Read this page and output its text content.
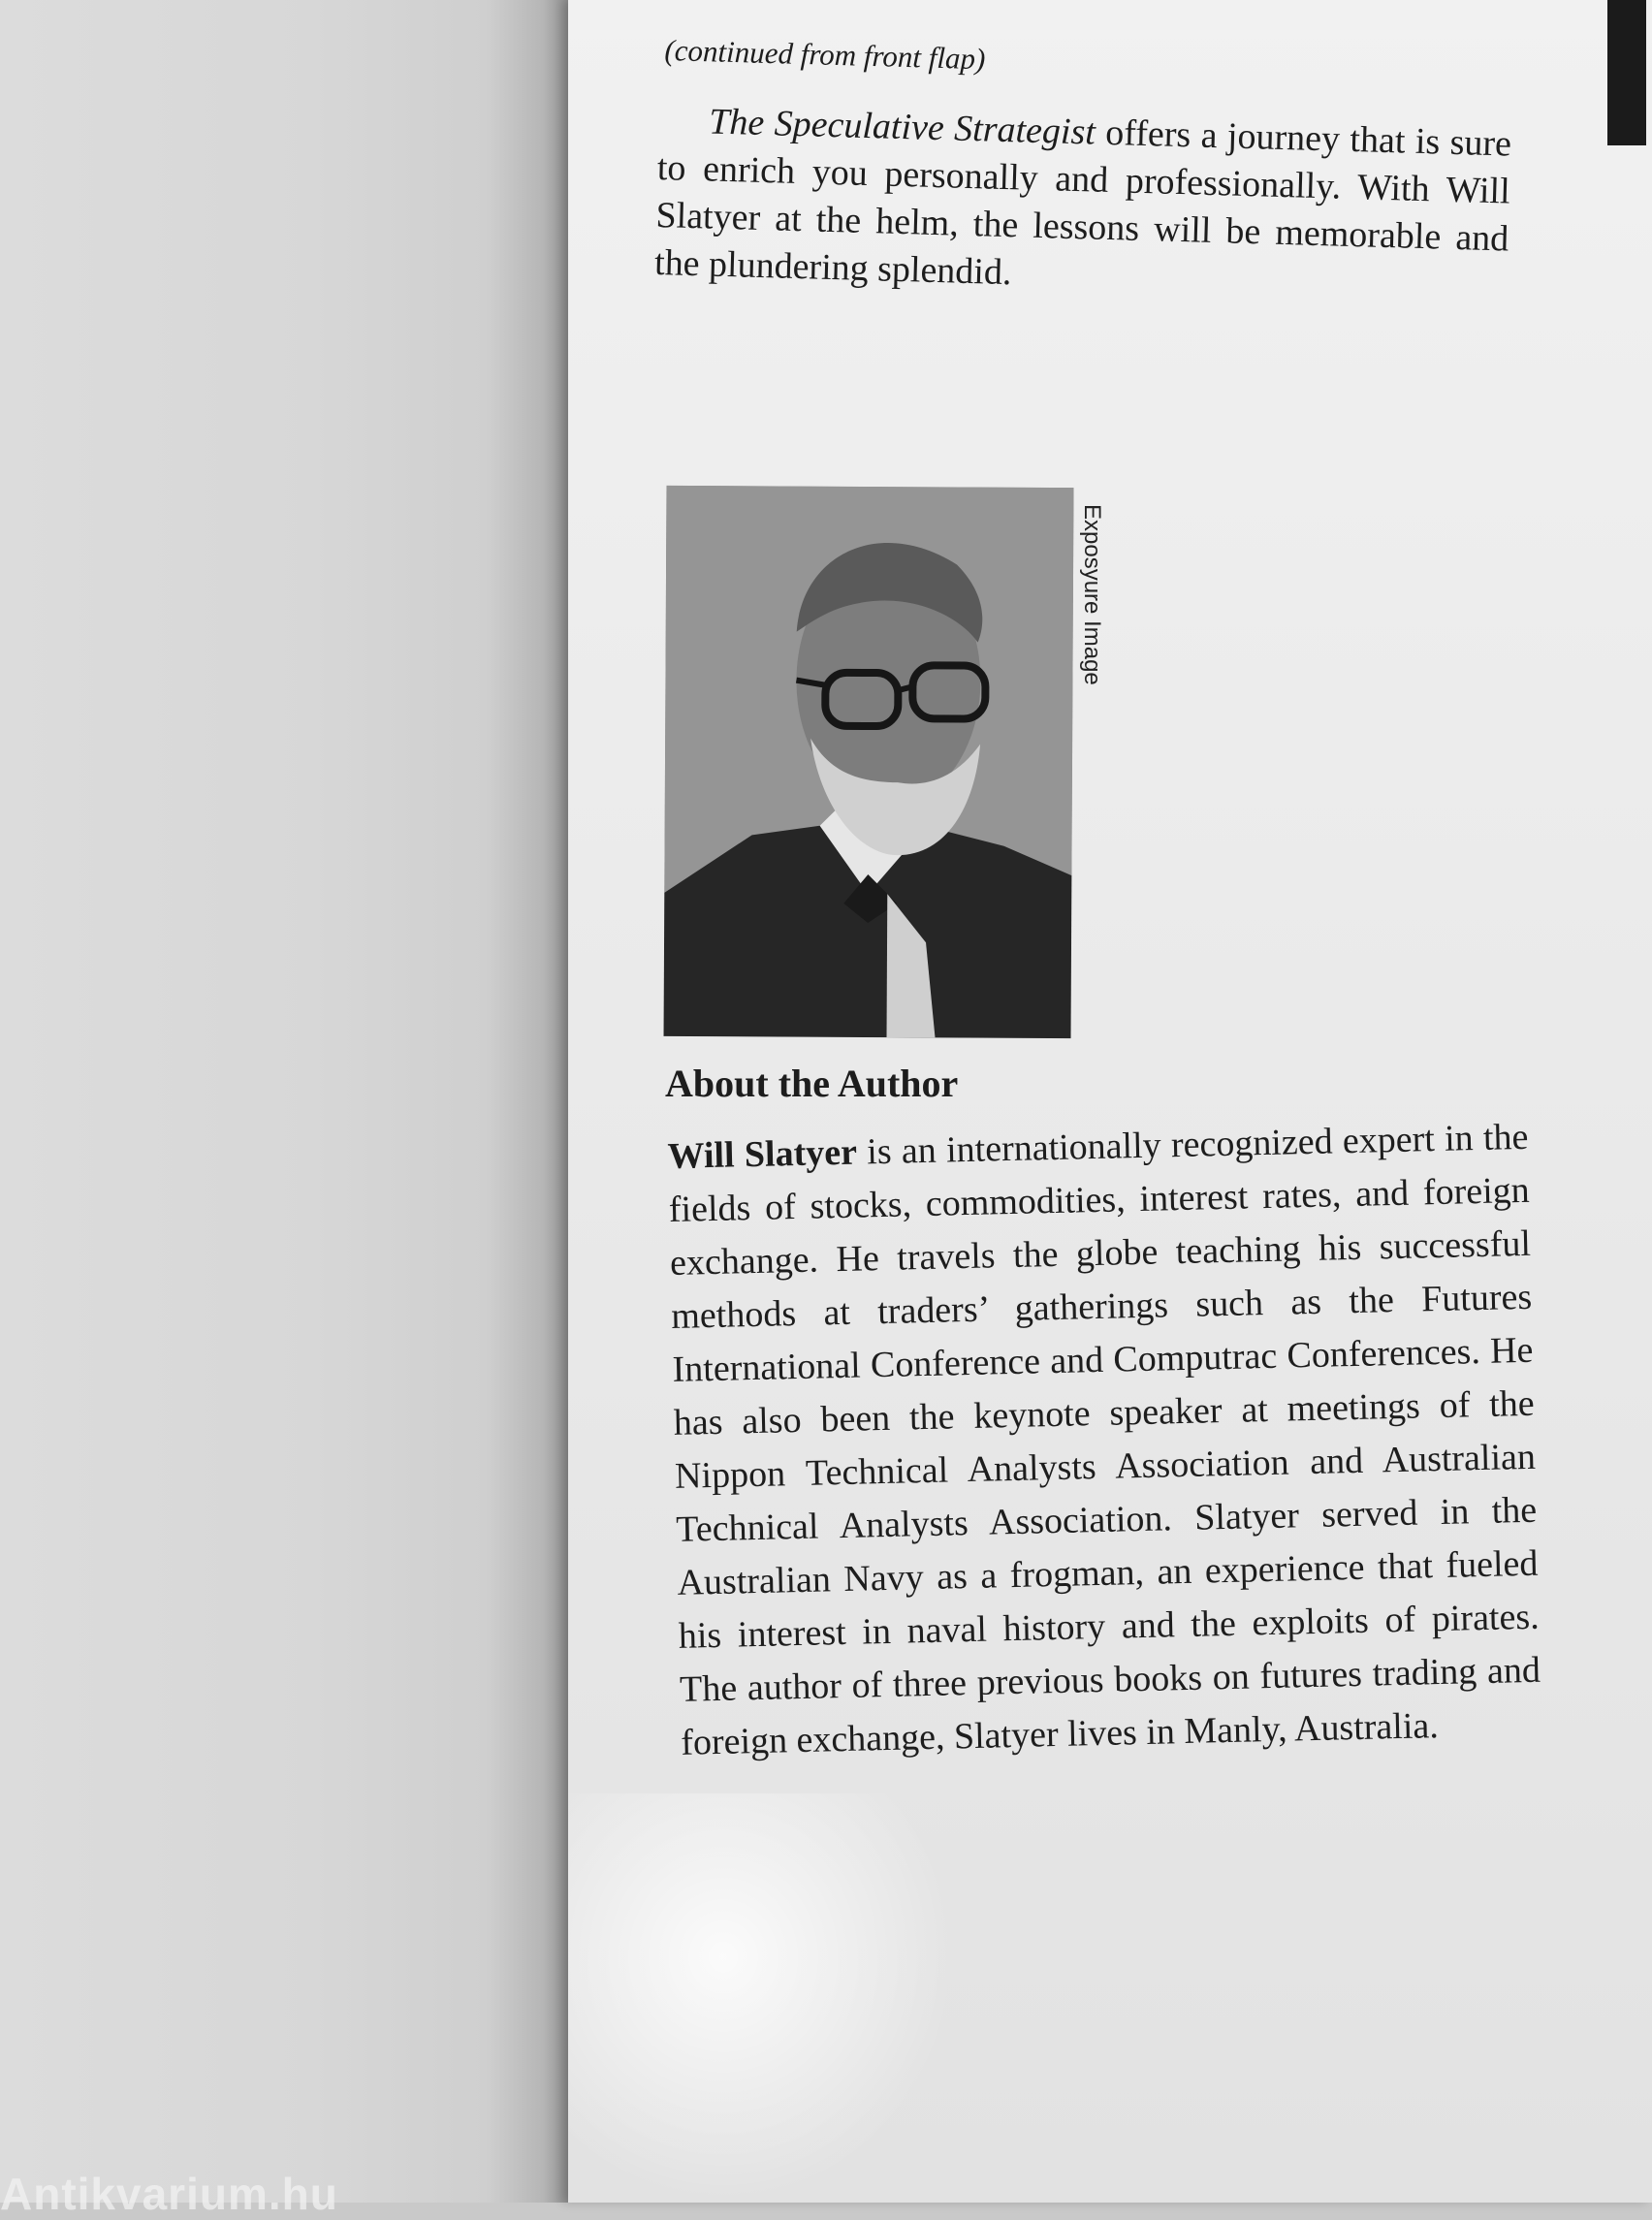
Antikvarium.hu
(continued from front flap)
The Speculative Strategist offers a journey that is sure to enrich you personally and professionally. With Will Slatyer at the helm, the lessons will be memorable and the plundering splendid.
Exposyure Image
About the Author
Will Slatyer is an internationally recognized expert in the fields of stocks, commodities, interest rates, and foreign exchange. He travels the globe teaching his successful methods at traders’ gatherings such as the Futures International Conference and Computrac Conferences. He has also been the keynote speaker at meetings of the Nippon Technical Analysts Association and Australian Technical Analysts Association. Slatyer served in the Australian Navy as a frogman, an experience that fueled his interest in naval history and the exploits of pirates. The author of three previous books on futures trading and foreign exchange, Slatyer lives in Manly, Australia.
